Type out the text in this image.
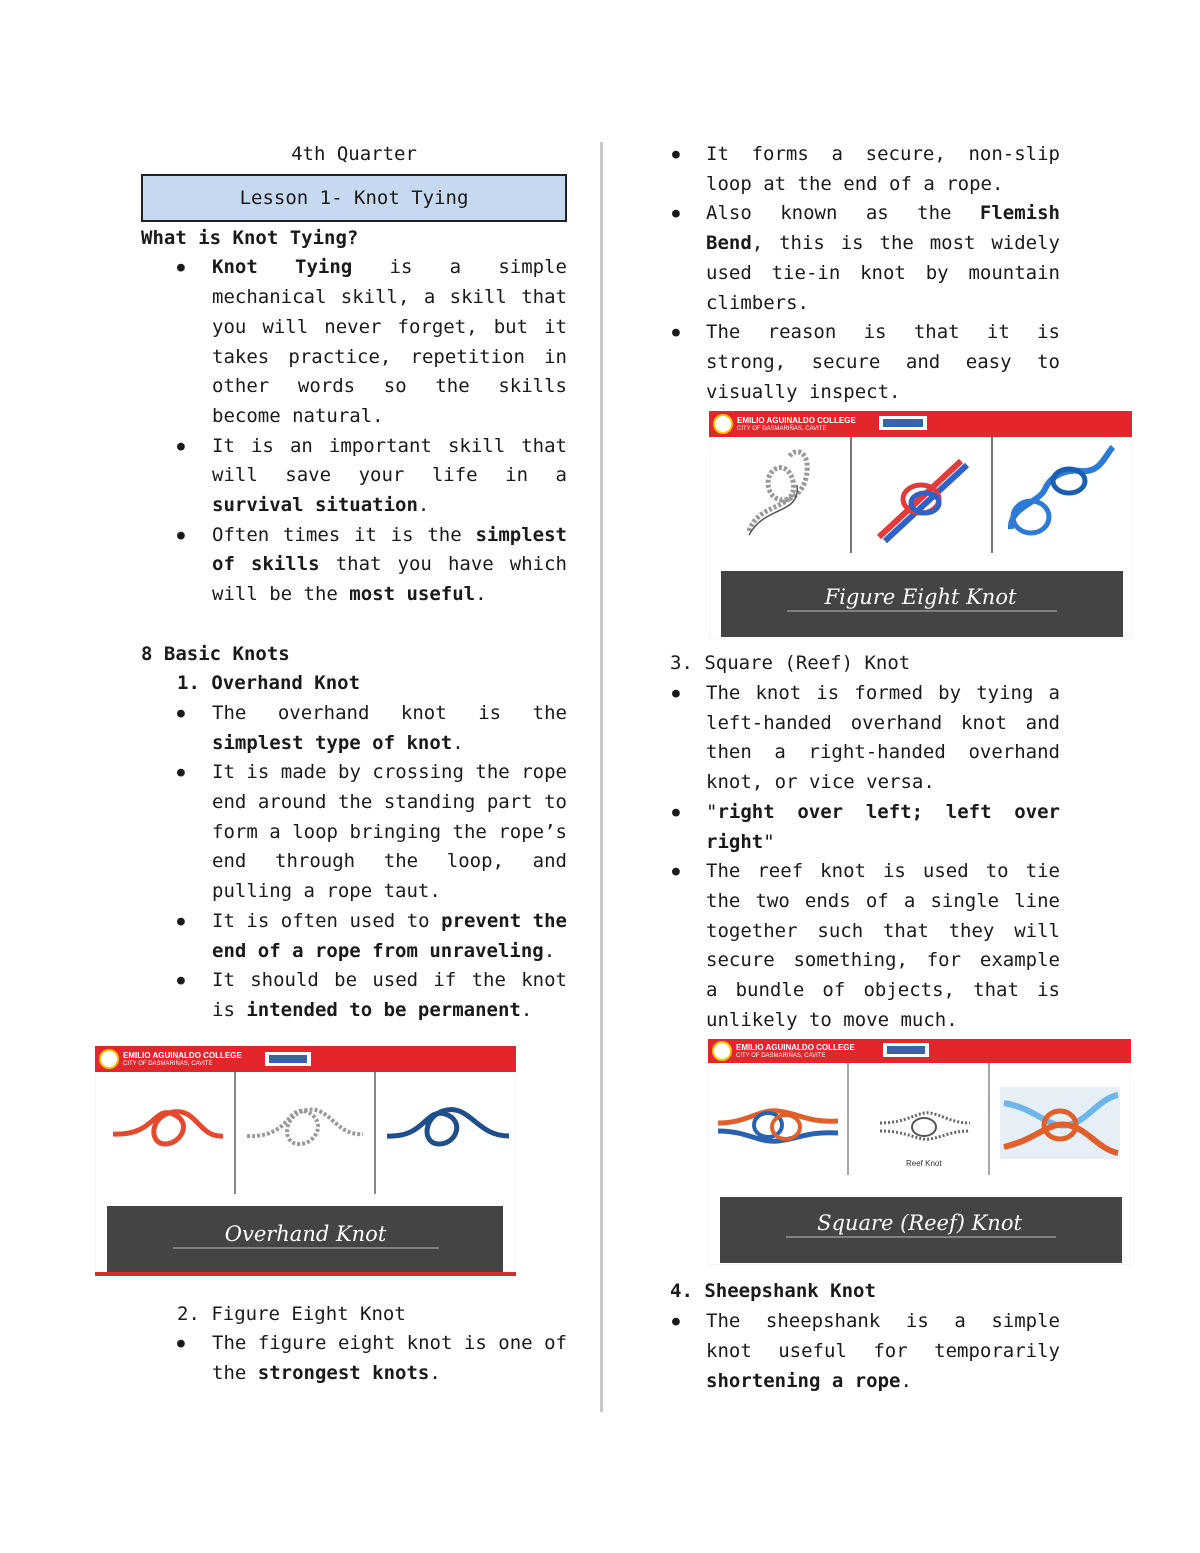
4th Quarter

Lesson 1- Knot Tying

What is Knot Tying?

● Knot Tying is a simple mechanical skill, a skill that you will never forget, but it takes practice, repetition in other words so the skills become natural.
● It is an important skill that will save your life in a survival situation.
● Often times it is the simplest of skills that you have which will be the most useful.

8 Basic Knots

1. Overhand Knot

● The overhand knot is the simplest type of knot.
● It is made by crossing the rope end around the standing part to form a loop bringing the rope’s end through the loop, and pulling a rope taut.
● It is often used to prevent the end of a rope from unraveling.
● It should be used if the knot is intended to be permanent.
EMILIO AGUINALDO COLLEGE
CITY OF DASMARIÑAS, CAVITE
Overhand Knot

2. Figure Eight Knot

● The figure eight knot is one of the strongest knots.
● It forms a secure, non-slip loop at the end of a rope.
● Also known as the Flemish Bend, this is the most widely used tie-in knot by mountain climbers.
● The reason is that it is strong, secure and easy to visually inspect.
EMILIO AGUINALDO COLLEGE
CITY OF DASMARIÑAS, CAVITE
Figure Eight Knot

3. Square (Reef) Knot

● The knot is formed by tying a left-handed overhand knot and then a right-handed overhand knot, or vice versa.
● "right over left; left over right"
● The reef knot is used to tie the two ends of a single line together such that they will secure something, for example a bundle of objects, that is unlikely to move much.
EMILIO AGUINALDO COLLEGE
CITY OF DASMARIÑAS, CAVITE
Reef Knot
Square (Reef) Knot

4. Sheepshank Knot

● The sheepshank is a simple knot useful for temporarily shortening a rope.
